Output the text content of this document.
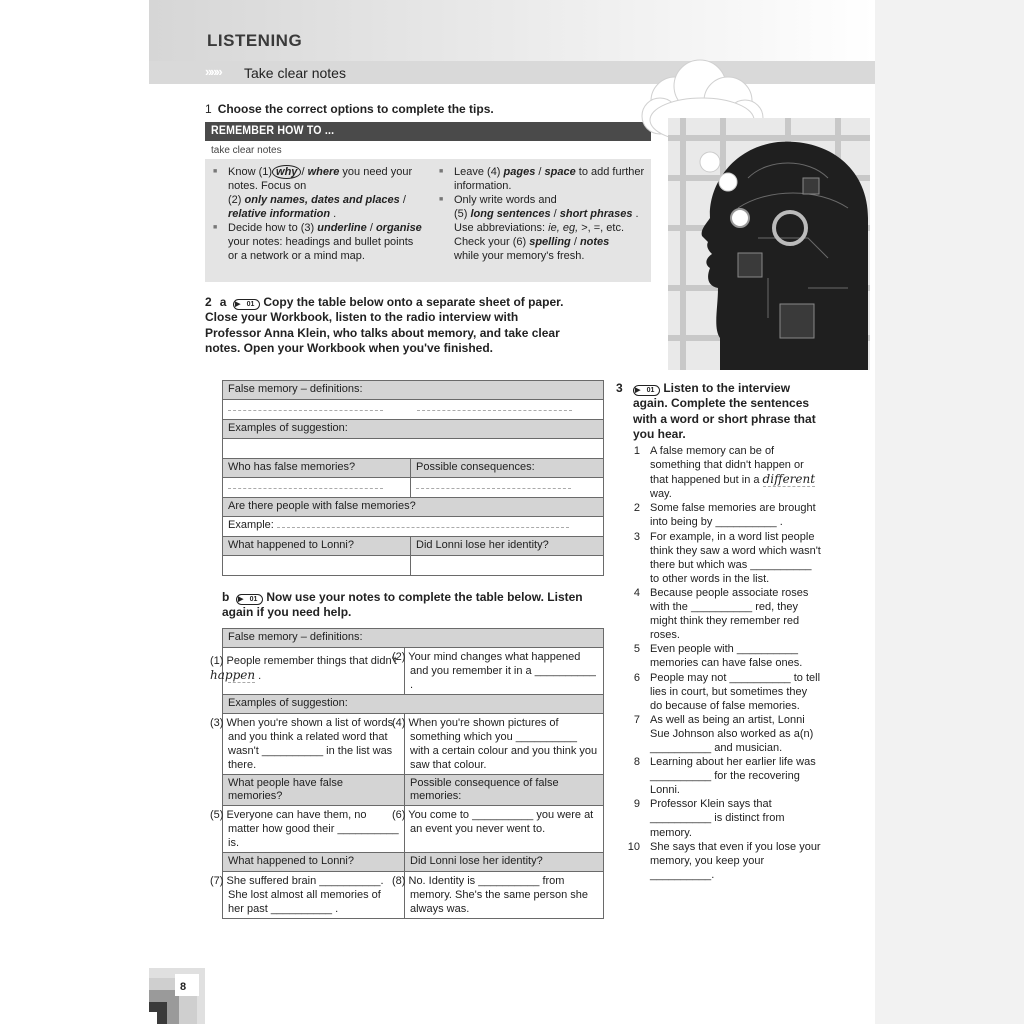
LISTENING
»»» Take clear notes
1 Choose the correct options to complete the tips.
REMEMBER HOW TO ...
take clear notes
■ Know (1) why / where you need your notes. Focus on
(2) only names, dates and places / relative information .
■ Decide how to (3) underline / organise your notes: headings and bullet points or a network or a mind map.
■ Leave (4) pages / space to add further information.
■ Only write words and
(5) long sentences / short phrases .
Use abbreviations: ie, eg, >, =, etc.
Check your (6) spelling / notes
while your memory's fresh.
2 a	▶ 01 Copy the table below onto a separate sheet of paper. Close your Workbook, listen to the radio interview with Professor Anna Klein, who talks about memory, and take clear notes. Open your Workbook when you've finished.
False memory – definitions:	

Examples of suggestion:	

Who has false memories?	Possible consequences:

Are there people with false memories?	
Example:	
What happened to Lonni?	Did Lonni lose her identity?

b	▶ 01 Now use your notes to complete the table below. Listen again if you need help.
False memory – definitions:	
(1) People remember things that didn't happen .	(2) Your mind changes what happened and you remember it in a __________ .
Examples of suggestion:	
(3) When you're shown a list of words and you think a related word that wasn't __________ in the list was there.	(4) When you're shown pictures of something which you __________ with a certain colour and you think you saw that colour.
What people have false memories?	Possible consequence of false memories:
(5) Everyone can have them, no matter how good their __________ is.	(6) You come to __________ you were at an event you never went to.
What happened to Lonni?	Did Lonni lose her identity?
(7) She suffered brain __________. She lost almost all memories of her past __________ .	(8) No. Identity is __________ from memory. She's the same person she always was.
3	▶ 01 Listen to the interview again. Complete the sentences with a word or short phrase that you hear.
1 A false memory can be of something that didn't happen or that happened but in a different way.
2 Some false memories are brought into being by __________ .
3 For example, in a word list people think they saw a word which wasn't there but which was __________ to other words in the list.
4 Because people associate roses with the __________ red, they might think they remember red roses.
5 Even people with __________ memories can have false ones.
6 People may not __________ to tell lies in court, but sometimes they do because of false memories.
7 As well as being an artist, Lonni Sue Johnson also worked as a(n) __________ and musician.
8 Learning about her earlier life was __________ for the recovering Lonni.
9 Professor Klein says that __________ is distinct from memory.
10 She says that even if you lose your memory, you keep your __________.
8
